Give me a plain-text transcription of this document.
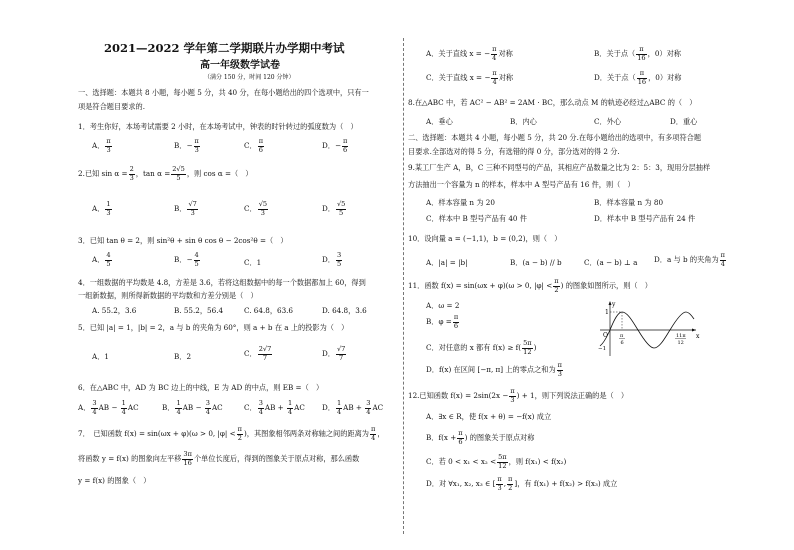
2021—2022 学年第二学期联片办学期中考试
高一年级数学试卷
（满分 150 分，时间 120 分钟）
一、选择题：本题共 8 小题，每小题 5 分，共 40 分，在每小题给出的四个选项中，只有一
项是符合题目要求的.
1．考生你好，本场考试需要 2 小时，在本场考试中，钟表的时针转过的弧度数为（　）
A． $\frac{\pi}{3}$	B．− $\frac{\pi}{3}$	C． $\frac{\pi}{6}$	D．− $\frac{\pi}{6}$
2.已知 $\sin \alpha = \frac{2}{3}$ ，$\tan \alpha = \frac{2√5}{5}$ ，则 cos α =（　）
A． $\frac{1}{3}$	B． $\frac{√7}{3}$	C． $\frac{√5}{3}$	D． $\frac{√5}{5}$
3．已知 tan θ = 2，则 sin²θ + sin θ cos θ − 2cos²θ =（　）
A． $\frac{4}{5}$	B．− $\frac{4}{5}$	C．1	D． $\frac{3}{5}$
4．一组数据的平均数是 4.8，方差是 3.6，若将这组数据中的每一个数据都加上 60，得到
一组新数据，则所得新数据的平均数和方差分别是（　）
A. 55.2，3.6	B. 55.2，56.4	C. 64.8，63.6	D. 64.8，3.6
5．已知 |a| = 1，|b| = 2，a 与 b 的夹角为 60°，则 a + b 在 a 上的投影为（　）
A．1	B．2	C． $\frac{2√7}{7}$	D． $\frac{√7}{7}$
6．在△ABC 中，AD 为 BC 边上的中线，E 为 AD 的中点，则 EB =（　）
A． $\frac{3}{4}$ AB − $\frac{1}{4}$ AC	B． $\frac{1}{4}$ AB − $\frac{3}{4}$ AC	C． $\frac{3}{4}$ AB + $\frac{1}{4}$ AC D． $\frac{1}{4}$ AB + $\frac{3}{4}$ AC
7．　已知函数 f(x) = sin(ωx + φ)(ω > 0, $|\varphi| < \frac{\pi}{2}$ )，其图象相邻两条对称轴之间的距离为 $\frac{\pi}{4}$ ，
将函数 y = f(x) 的图象向左平移 $\frac{3\pi}{16}$ 个单位长度后，得到的图象关于原点对称，那么函数
y = f(x) 的图象（　）
A．关于直线 x = − $\frac{\pi}{4}$ 对称	B．关于点（ $\frac{\pi}{16}$ ，0）对称
C．关于直线 x = − $\frac{\pi}{4}$ 对称	D．关于点（ $\frac{\pi}{16}$ ，0）对称
8.在△ABC 中，若 AC² − AB² = 2AM · BC，那么动点 M 的轨迹必经过△ABC 的（　）
A．垂心	B．内心	C．外心	D．重心
二、选择题：本题共 4 小题，每小题 5 分，共 20 分.在每小题给出的选项中，有多项符合题
目要求.全部选对的得 5 分，有选错的得 0 分，部分选对的得 2 分.
9.某工厂生产 A，B，C 三种不同型号的产品，其相应产品数量之比为 2：5：3，现用分层抽样
方法抽出一个容量为 n 的样本，样本中 A 型号产品有 16 件，则（　）
A．样本容量 n 为 20	B．样本容量 n 为 80
C．样本中 B 型号产品有 40 件	D．样本中 B 型号产品有 24 件
10．设向量 a = (−1,1)，b = (0,2)，则（　）
A．|a| = |b|	B．(a − b) // b	C．(a − b) ⊥ a D．a 与 b 的夹角为 $\frac{\pi}{4}$
11．函数 f(x) = sin(ωx + φ)(ω > 0, $|\varphi| < \frac{\pi}{2}$ ) 的图象如图所示，则（　）
A．ω = 2
B．$\varphi = \frac{\pi}{6}$
C．对任意的 x 都有 $f(x) \ge f( \frac{5\pi}{12}$ )
D．f(x) 在区间 [−π, π] 上的零点之和为 $\frac{\pi}{3}$
y
x
1
O
−1
π
6
11π
12
12.已知函数 $f(x) = 2\sin(2x - \frac{\pi}{3}$ ) + 1，则下列说法正确的是（　）
A．∃x ∈ R，使 f(x + θ) = −f(x) 成立
B．$f(x + \frac{\pi}{6}$ ) 的图象关于原点对称
C．若 $0 < x_1 < x_2 < \frac{5\pi}{12}$ ，则 f(x₁) < f(x₂)
D．对 ∀x₁, x₂, x₃ ∈ [ $\frac{\pi}{3}$ , $\frac{\pi}{2}$ ]，有 f(x₁) + f(x₂) > f(x₃) 成立
